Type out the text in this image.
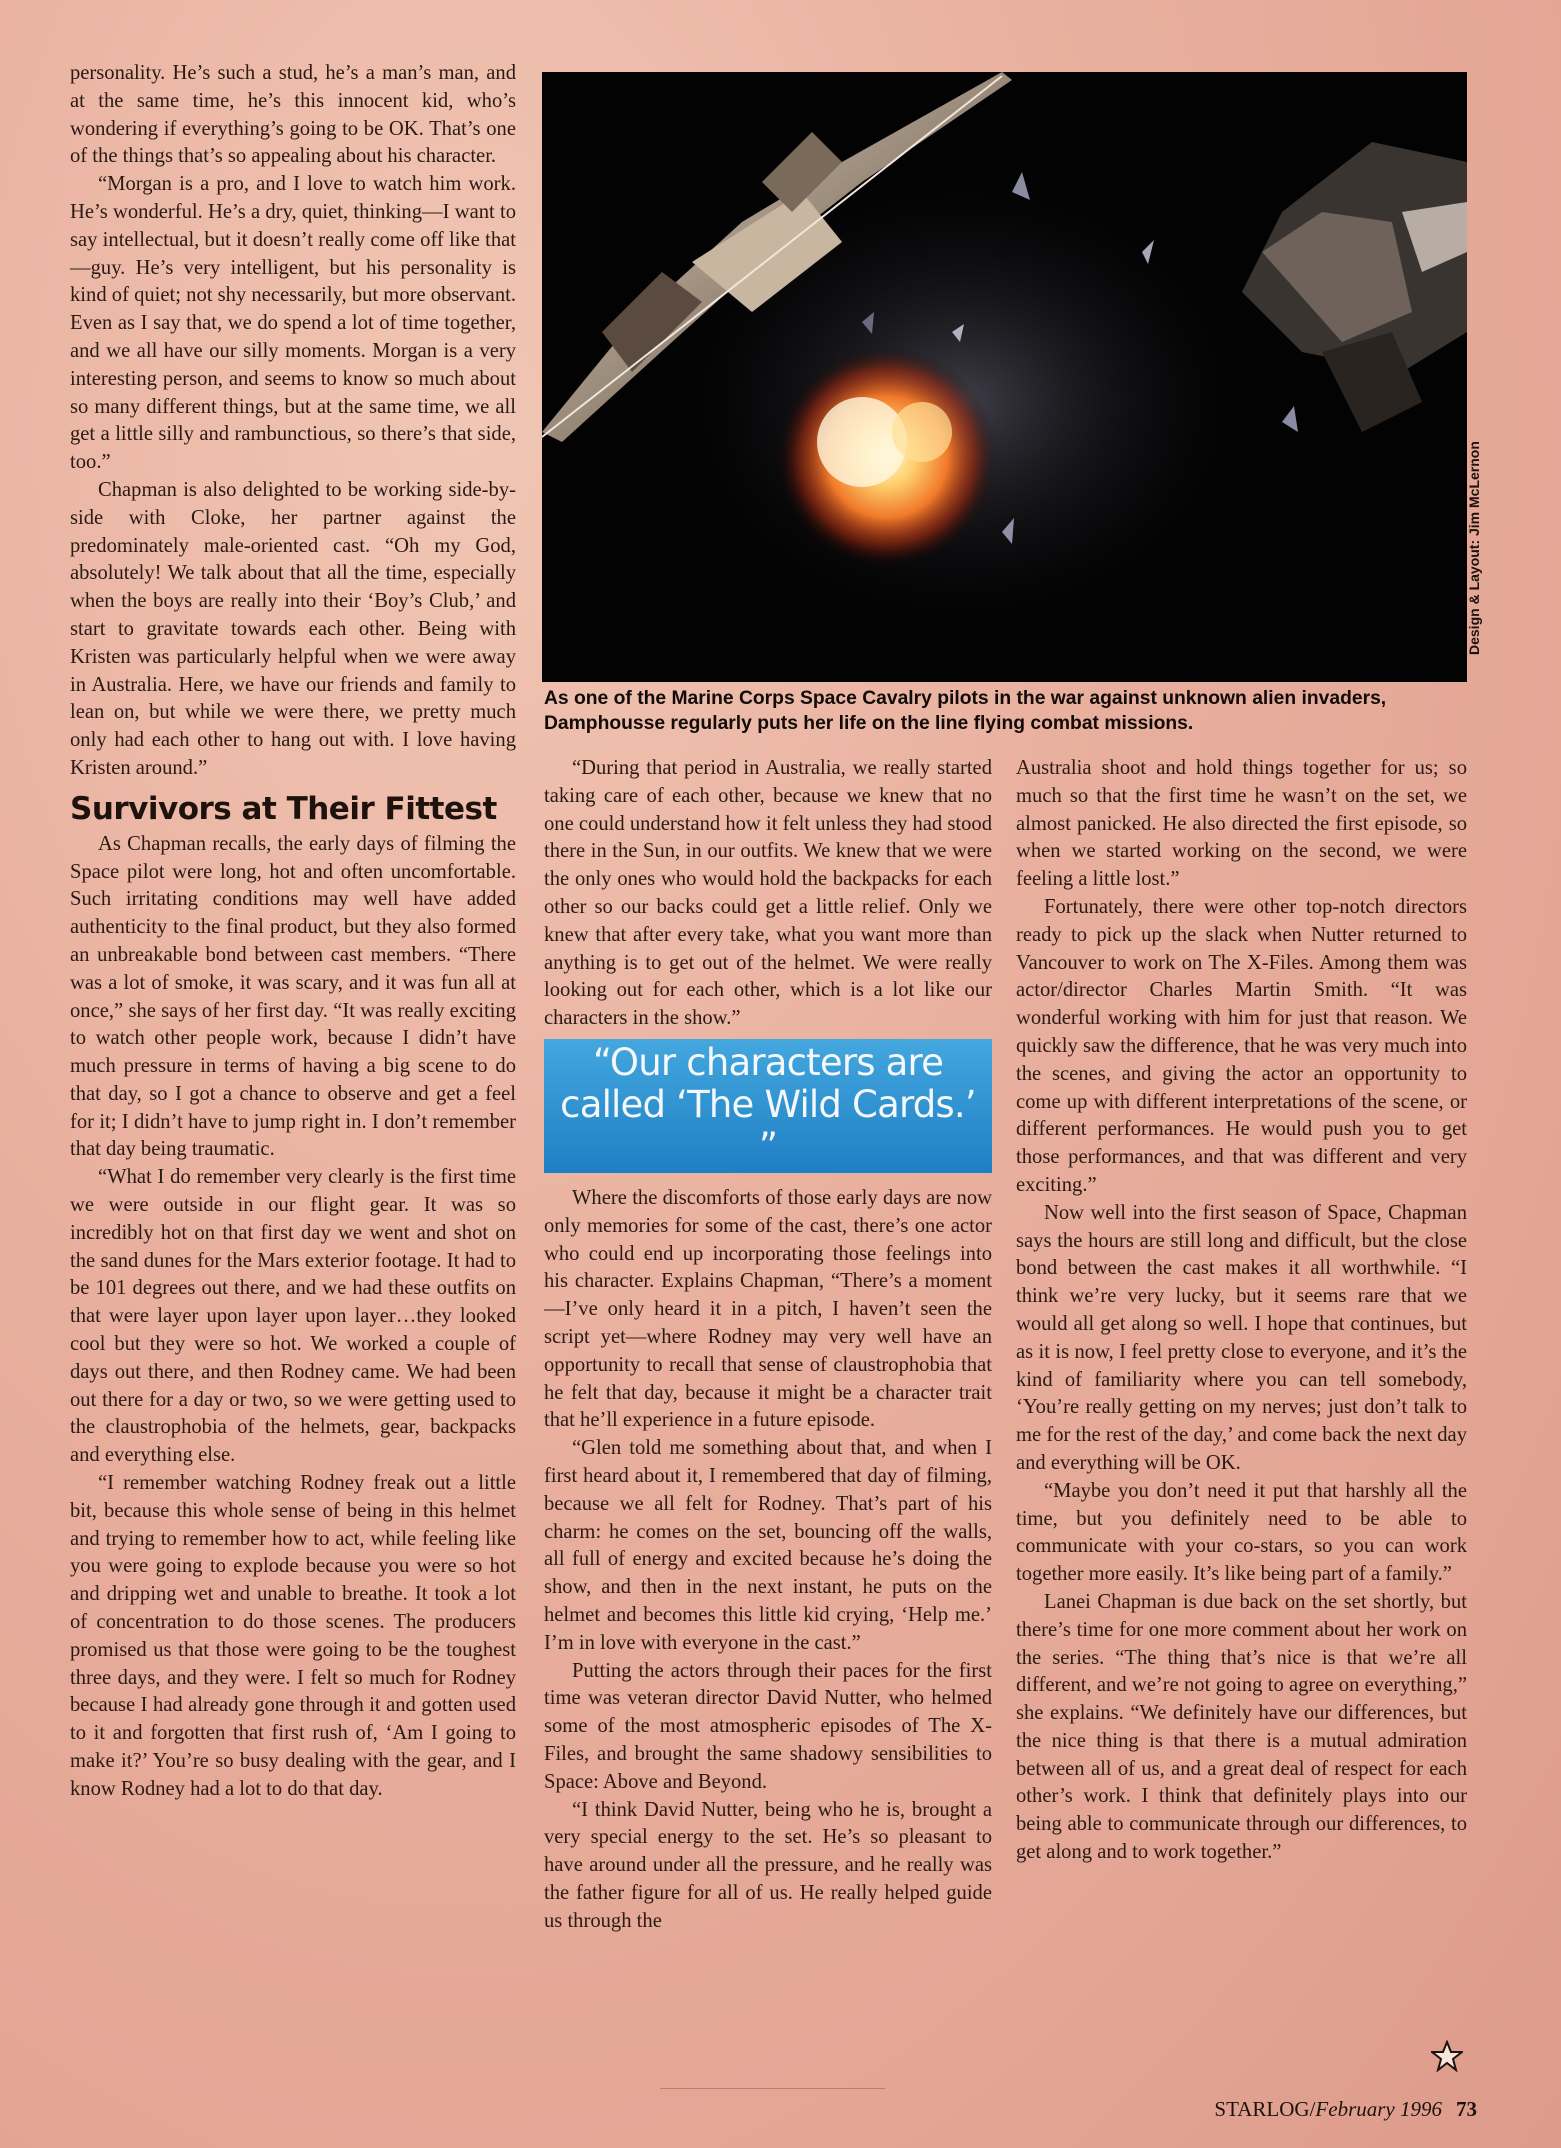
personality. He’s such a stud, he’s a man’s man, and at the same time, he’s this innocent kid, who’s wondering if everything’s going to be OK. That’s one of the things that’s so appealing about his character.

“Morgan is a pro, and I love to watch him work. He’s wonderful. He’s a dry, quiet, thinking—I want to say intellectual, but it doesn’t really come off like that—guy. He’s very intelligent, but his personality is kind of quiet; not shy necessarily, but more observant. Even as I say that, we do spend a lot of time together, and we all have our silly moments. Morgan is a very interesting person, and seems to know so much about so many different things, but at the same time, we all get a little silly and rambunctious, so there’s that side, too.”

Chapman is also delighted to be working side-by-side with Cloke, her partner against the predominately male-oriented cast. “Oh my God, absolutely! We talk about that all the time, especially when the boys are really into their ‘Boy’s Club,’ and start to gravitate towards each other. Being with Kristen was particularly helpful when we were away in Australia. Here, we have our friends and family to lean on, but while we were there, we pretty much only had each other to hang out with. I love having Kristen around.”

Survivors at Their Fittest

As Chapman recalls, the early days of filming the Space pilot were long, hot and often uncomfortable. Such irritating conditions may well have added authenticity to the final product, but they also formed an unbreakable bond between cast members. “There was a lot of smoke, it was scary, and it was fun all at once,” she says of her first day. “It was really exciting to watch other people work, because I didn’t have much pressure in terms of having a big scene to do that day, so I got a chance to observe and get a feel for it; I didn’t have to jump right in. I don’t remember that day being traumatic.

“What I do remember very clearly is the first time we were outside in our flight gear. It was so incredibly hot on that first day we went and shot on the sand dunes for the Mars exterior footage. It had to be 101 degrees out there, and we had these outfits on that were layer upon layer upon layer…they looked cool but they were so hot. We worked a couple of days out there, and then Rodney came. We had been out there for a day or two, so we were getting used to the claustrophobia of the helmets, gear, backpacks and everything else.

“I remember watching Rodney freak out a little bit, because this whole sense of being in this helmet and trying to remember how to act, while feeling like you were going to explode because you were so hot and dripping wet and unable to breathe. It took a lot of concentration to do those scenes. The producers promised us that those were going to be the toughest three days, and they were. I felt so much for Rodney because I had already gone through it and gotten used to it and forgotten that first rush of, ‘Am I going to make it?’ You’re so busy dealing with the gear, and I know Rodney had a lot to do that day.

Design & Layout: Jim McLernon
As one of the Marine Corps Space Cavalry pilots in the war against unknown alien invaders, Damphousse regularly puts her life on the line flying combat missions.

“During that period in Australia, we really started taking care of each other, because we knew that no one could understand how it felt unless they had stood there in the Sun, in our outfits. We knew that we were the only ones who would hold the backpacks for each other so our backs could get a little relief. Only we knew that after every take, what you want more than anything is to get out of the helmet. We were really looking out for each other, which is a lot like our characters in the show.”

“Our characters are called ‘The Wild Cards.’ ”

Where the discomforts of those early days are now only memories for some of the cast, there’s one actor who could end up incorporating those feelings into his character. Explains Chapman, “There’s a moment—I’ve only heard it in a pitch, I haven’t seen the script yet—where Rodney may very well have an opportunity to recall that sense of claustrophobia that he felt that day, because it might be a character trait that he’ll experience in a future episode.

“Glen told me something about that, and when I first heard about it, I remembered that day of filming, because we all felt for Rodney. That’s part of his charm: he comes on the set, bouncing off the walls, all full of energy and excited because he’s doing the show, and then in the next instant, he puts on the helmet and becomes this little kid crying, ‘Help me.’ I’m in love with everyone in the cast.”

Putting the actors through their paces for the first time was veteran director David Nutter, who helmed some of the most atmospheric episodes of The X-Files, and brought the same shadowy sensibilities to Space: Above and Beyond.

“I think David Nutter, being who he is, brought a very special energy to the set. He’s so pleasant to have around under all the pressure, and he really was the father figure for all of us. He really helped guide us through the

Australia shoot and hold things together for us; so much so that the first time he wasn’t on the set, we almost panicked. He also directed the first episode, so when we started working on the second, we were feeling a little lost.”

Fortunately, there were other top-notch directors ready to pick up the slack when Nutter returned to Vancouver to work on The X-Files. Among them was actor/director Charles Martin Smith. “It was wonderful working with him for just that reason. We quickly saw the difference, that he was very much into the scenes, and giving the actor an opportunity to come up with different interpretations of the scene, or different performances. He would push you to get those performances, and that was different and very exciting.”

Now well into the first season of Space, Chapman says the hours are still long and difficult, but the close bond between the cast makes it all worthwhile. “I think we’re very lucky, but it seems rare that we would all get along so well. I hope that continues, but as it is now, I feel pretty close to everyone, and it’s the kind of familiarity where you can tell somebody, ‘You’re really getting on my nerves; just don’t talk to me for the rest of the day,’ and come back the next day and everything will be OK.

“Maybe you don’t need it put that harshly all the time, but you definitely need to be able to communicate with your co-stars, so you can work together more easily. It’s like being part of a family.”

Lanei Chapman is due back on the set shortly, but there’s time for one more comment about her work on the series. “The thing that’s nice is that we’re all different, and we’re not going to agree on everything,” she explains. “We definitely have our differences, but the nice thing is that there is a mutual admiration between all of us, and a great deal of respect for each other’s work. I think that definitely plays into our being able to communicate through our differences, to get along and to work together.”

STARLOG/February 1996 73
